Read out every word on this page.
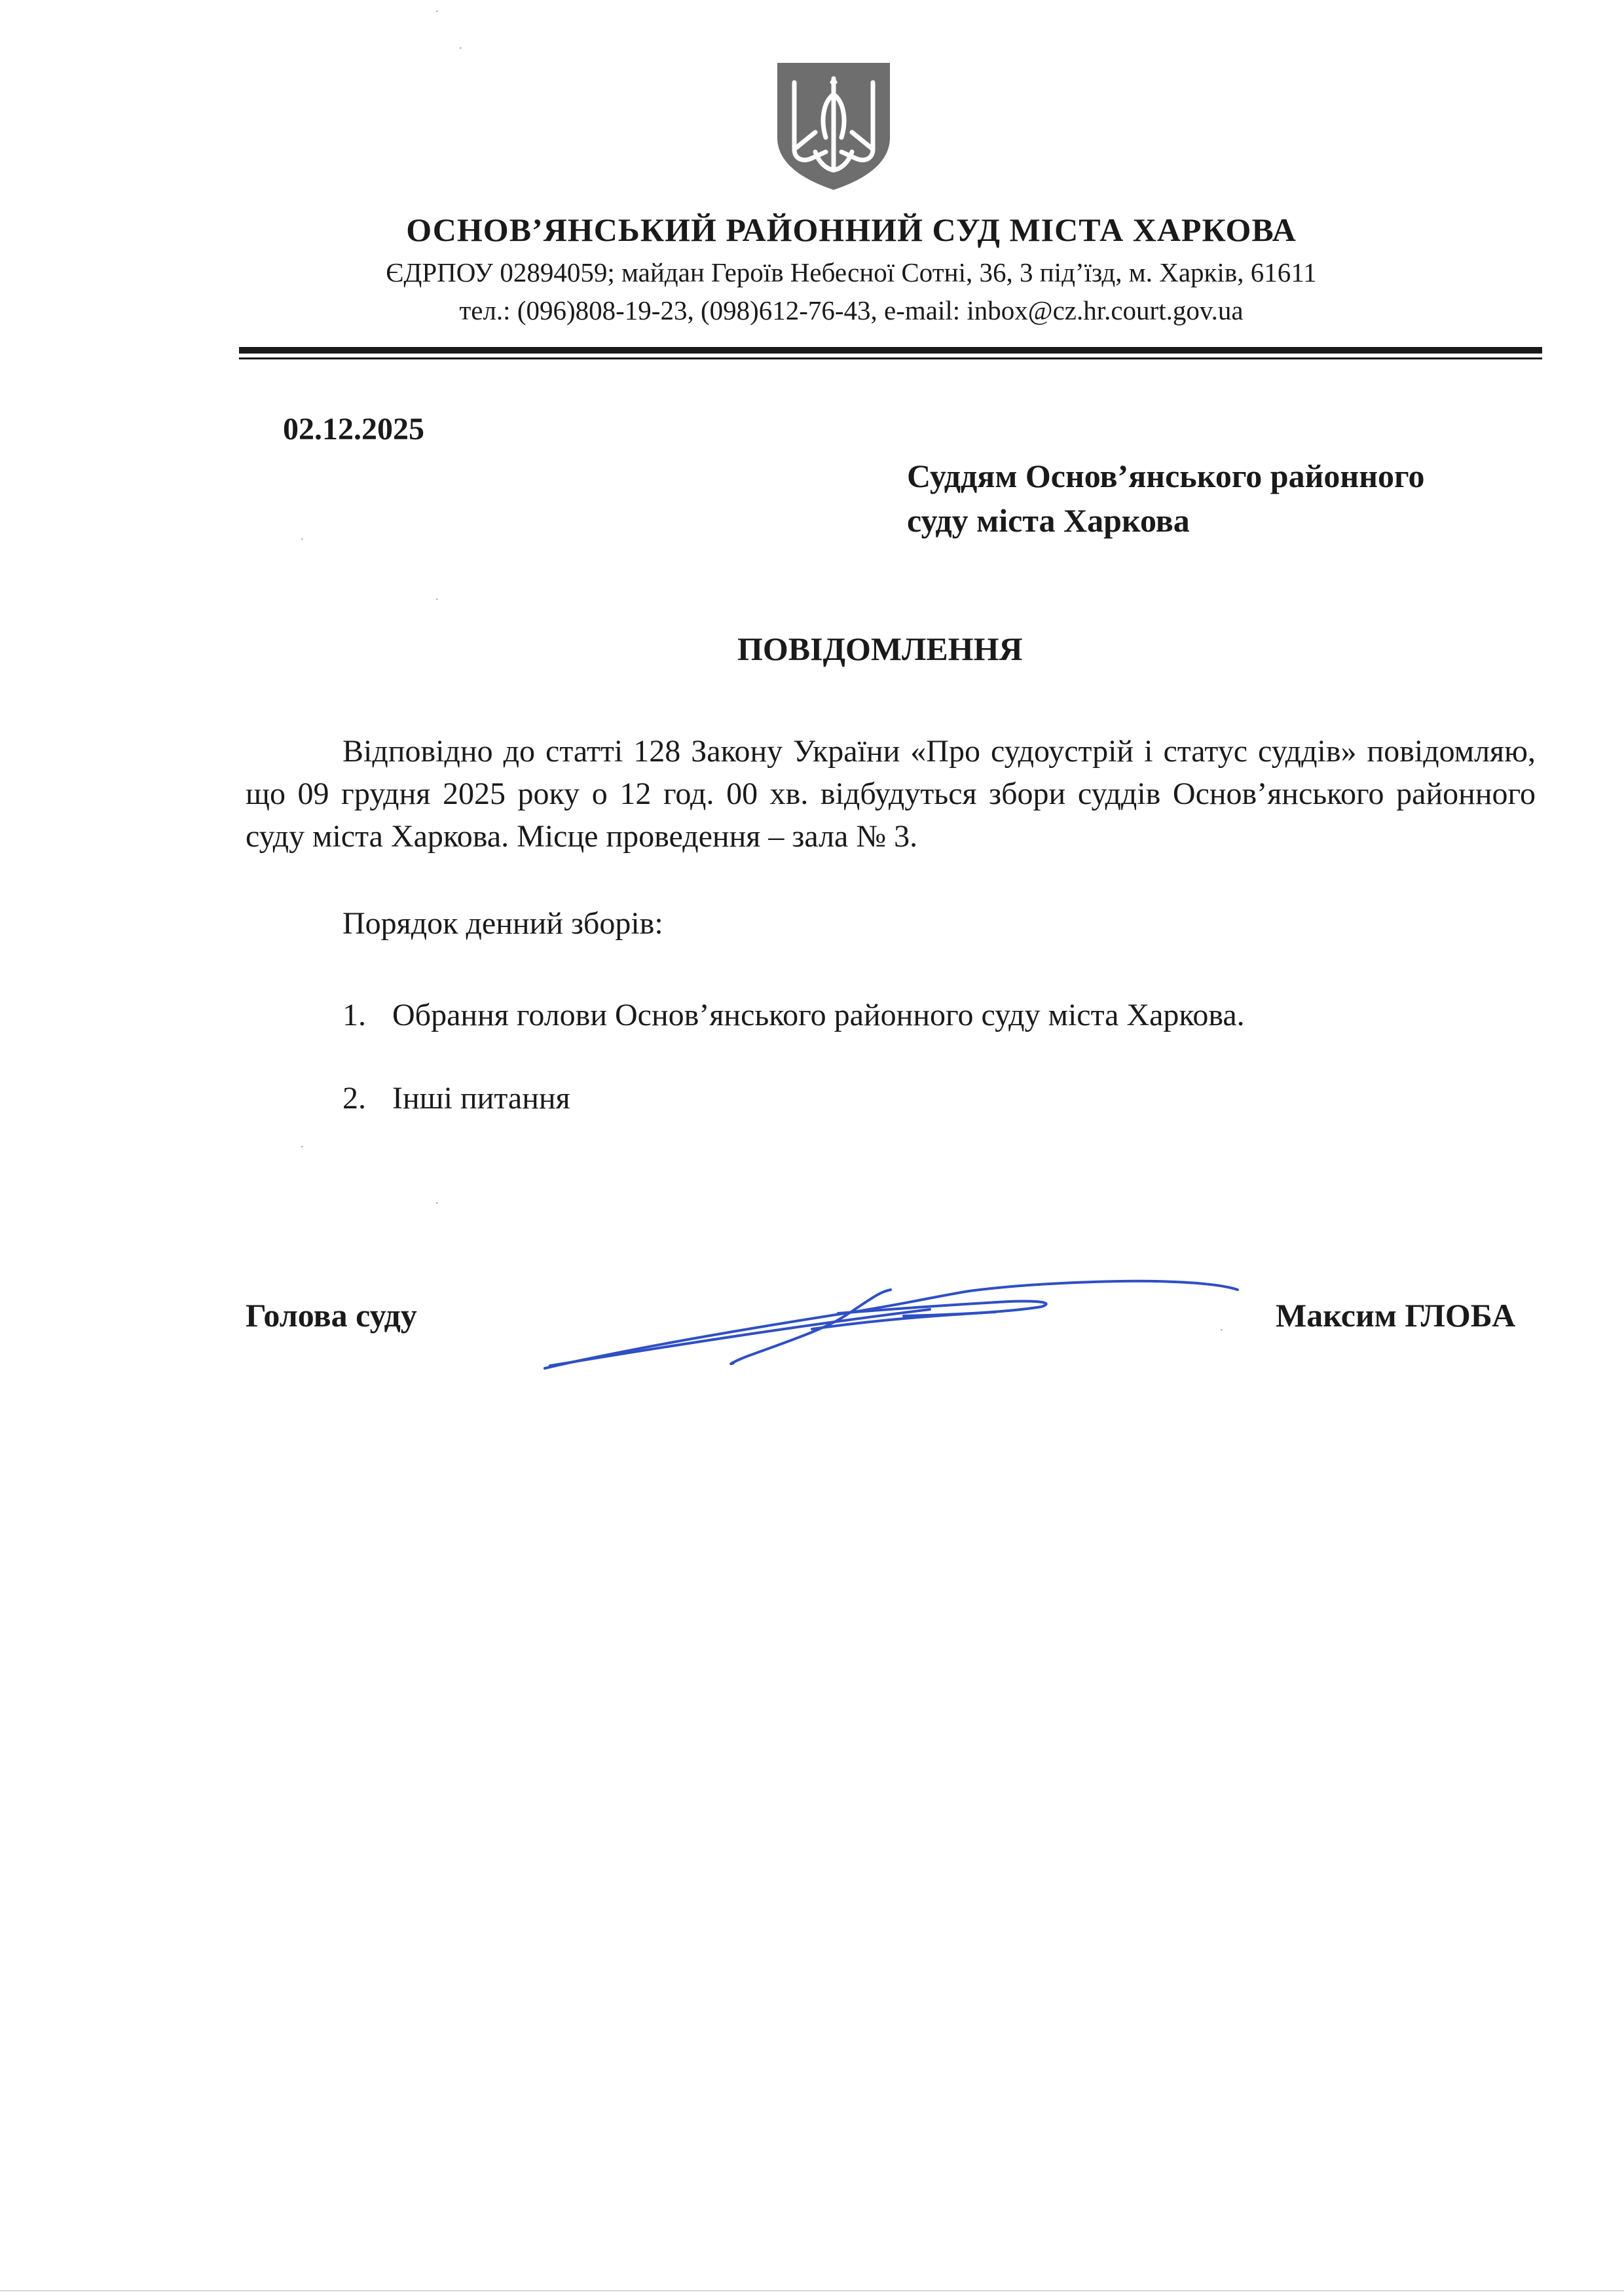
ОСНОВ’ЯНСЬКИЙ РАЙОННИЙ СУД МІСТА ХАРКОВА
ЄДРПОУ 02894059; майдан Героїв Небесної Сотні, 36, 3 під’їзд, м. Харків, 61611
тел.: (096)808-19-23, (098)612-76-43, e-mail: inbox@cz.hr.court.gov.ua
02.12.2025
Суддям Основ’янського районного
суду міста Харкова
ПОВІДОМЛЕННЯ

Відповідно до статті 128 Закону України «Про судоустрій і статус суддів» повідомляю, що 09 грудня 2025 року о 12 год. 00 хв. відбудуться збори суддів Основ’янського районного суду міста Харкова. Місце проведення – зала № 3.

Порядок денний зборів:
1. Обрання голови Основ’янського районного суду міста Харкова.
2. Інші питання
Голова суду	Максим ГЛОБА
·
·
·
·
·
·
·
